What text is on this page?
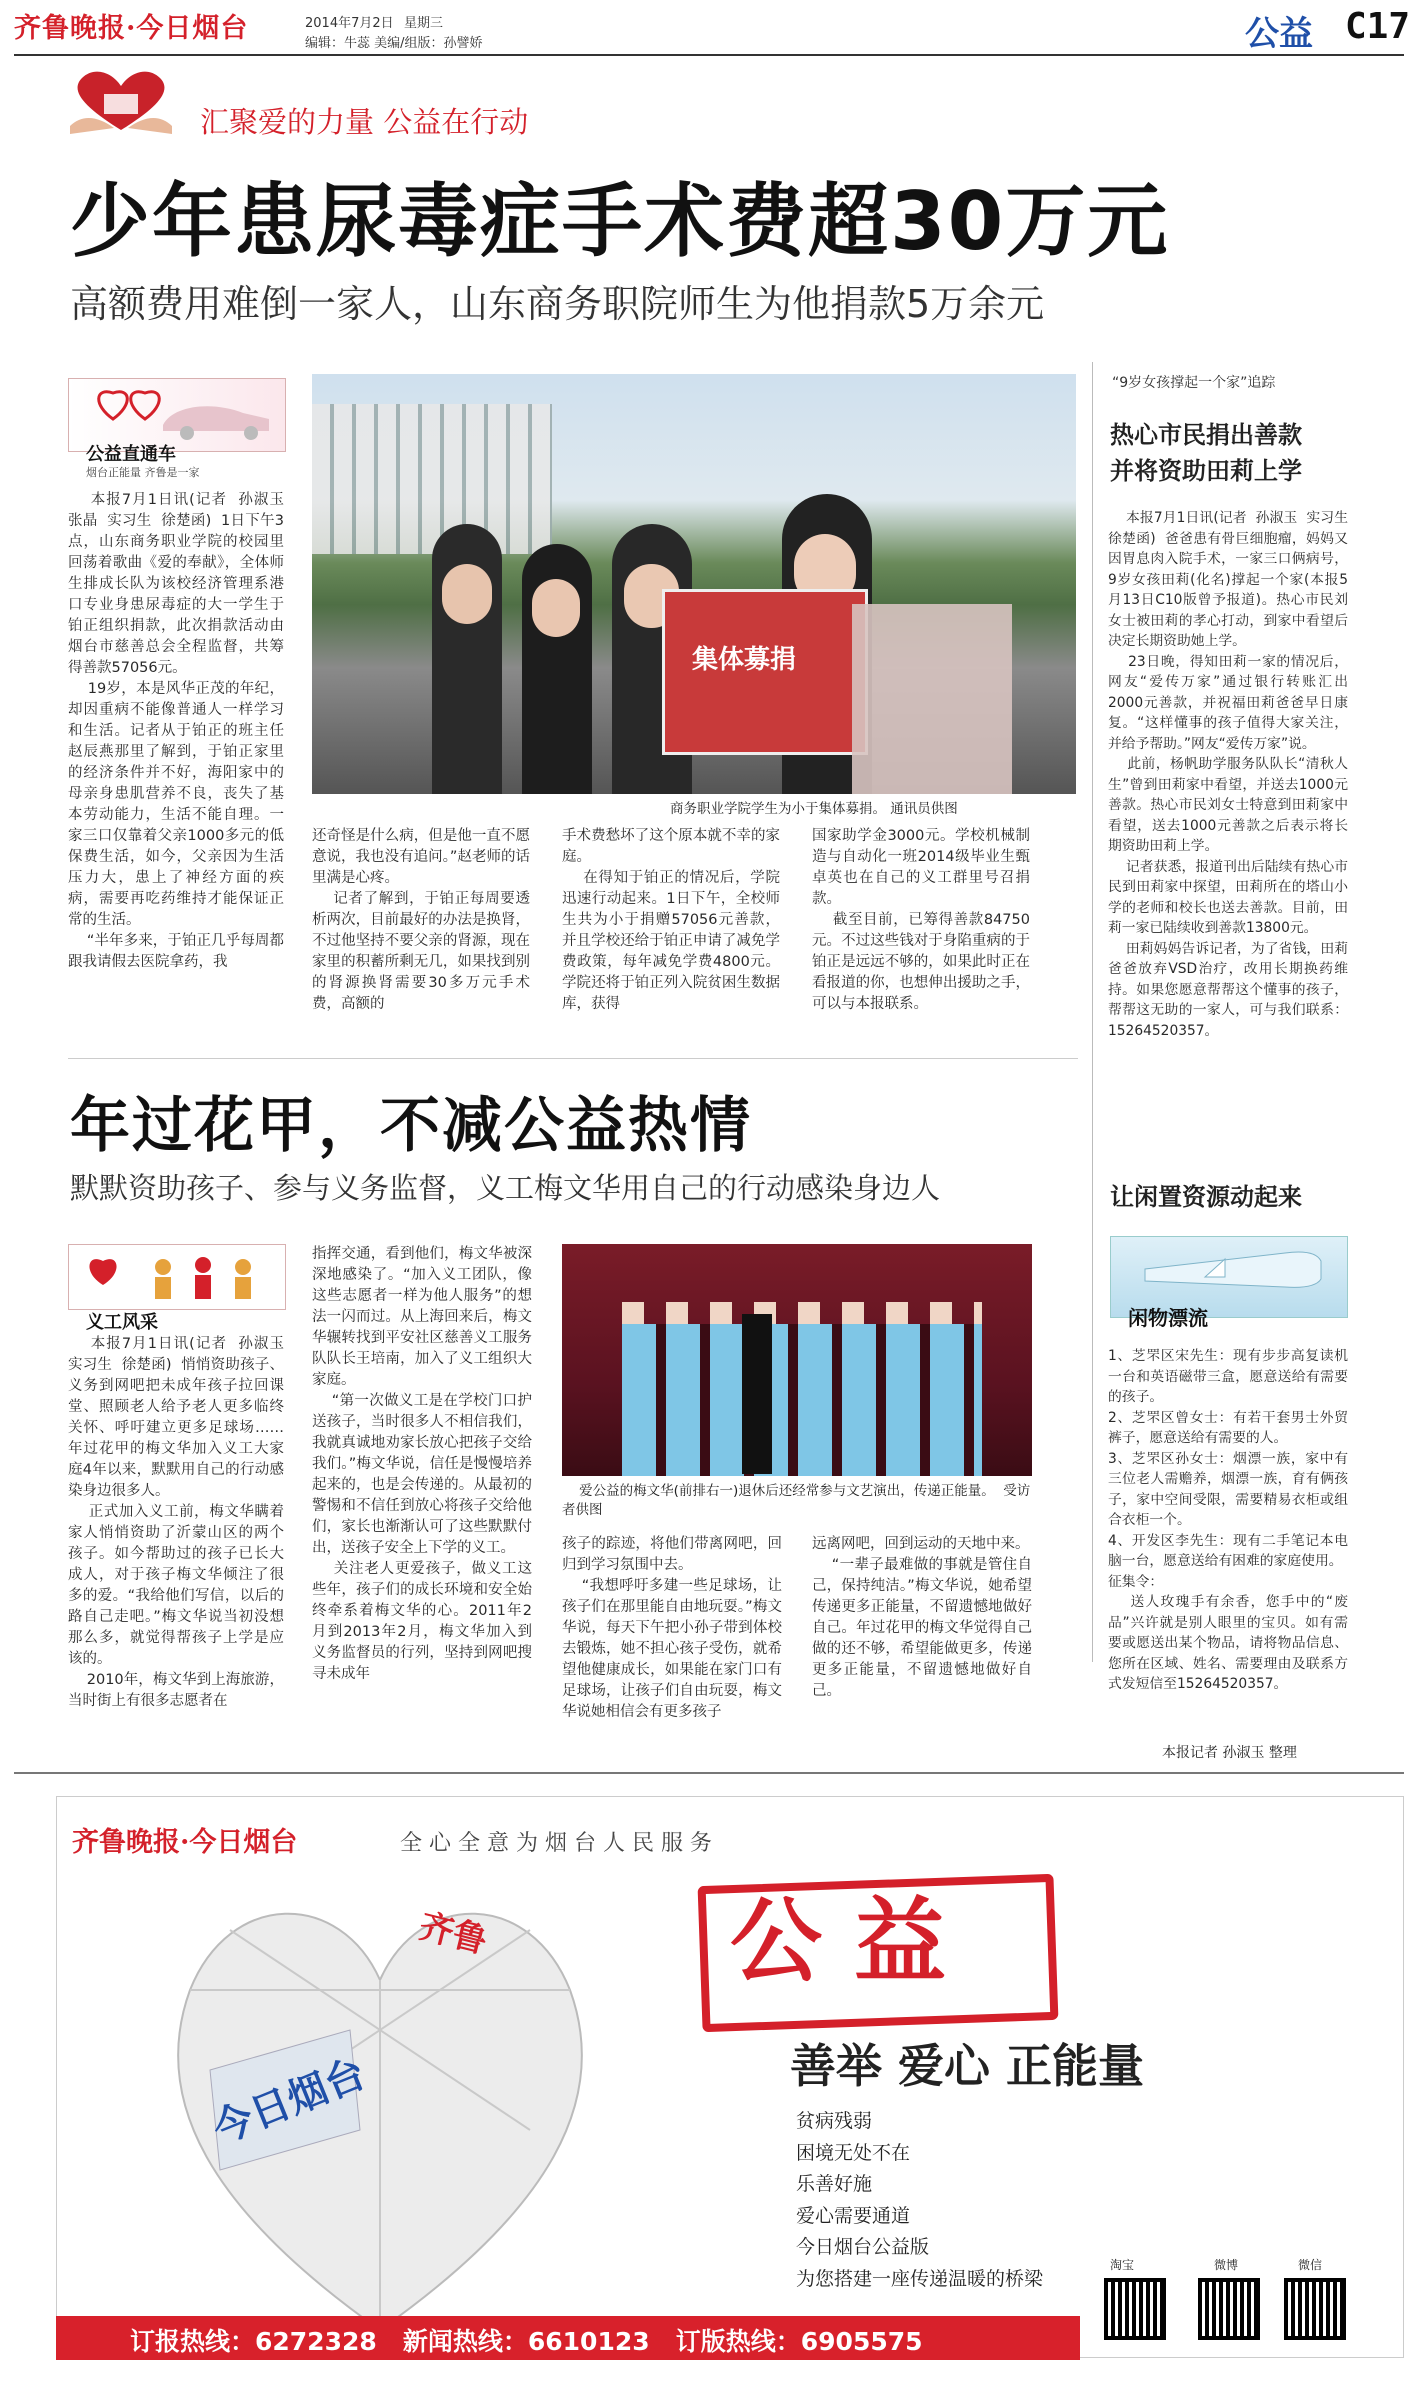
齐鲁晚报·今日烟台	2014年7月2日 星期三
编辑：牛蕊 美编/组版：孙譬娇	公益 C17
汇聚爱的力量 公益在行动
少年患尿毒症手术费超30万元
高额费用难倒一家人，山东商务职院师生为他捐款5万余元
公益直通车
烟台正能量 齐鲁是一家
本报7月1日讯(记者  孙淑玉  张晶  实习生  徐楚函)  1日下午3点，山东商务职业学院的校园里回荡着歌曲《爱的奉献》，全体师生排成长队为该校经济管理系港口专业身患尿毒症的大一学生于铂正组织捐款，此次捐款活动由烟台市慈善总会全程监督，共筹得善款57056元。
19岁，本是风华正茂的年纪，却因重病不能像普通人一样学习和生活。记者从于铂正的班主任赵辰燕那里了解到，于铂正家里的经济条件并不好，海阳家中的母亲身患肌营养不良，丧失了基本劳动能力，生活不能自理。一家三口仅靠着父亲1000多元的低保费生活，如今，父亲因为生活压力大，患上了神经方面的疾病，需要再吃药维持才能保证正常的生活。
“半年多来，于铂正几乎每周都跟我请假去医院拿药，我
集体募捐
商务职业学院学生为小于集体募捐。 通讯员供图
还奇怪是什么病，但是他一直不愿意说，我也没有追问。”赵老师的话里满是心疼。
记者了解到，于铂正每周要透析两次，目前最好的办法是换肾，不过他坚持不要父亲的肾源，现在家里的积蓄所剩无几，如果找到别的肾源换肾需要30多万元手术费，高额的
手术费愁坏了这个原本就不幸的家庭。
在得知于铂正的情况后，学院迅速行动起来。1日下午，全校师生共为小于捐赠57056元善款，并且学校还给于铂正申请了减免学费政策，每年减免学费4800元。学院还将于铂正列入院贫困生数据库，获得
国家助学金3000元。学校机械制造与自动化一班2014级毕业生甄卓英也在自己的义工群里号召捐款。
截至目前，已筹得善款84750元。不过这些钱对于身陷重病的于铂正是远远不够的，如果此时正在看报道的你，也想伸出援助之手，可以与本报联系。
“9岁女孩撑起一个家”追踪
热心市民捐出善款
并将资助田莉上学
本报7月1日讯(记者  孙淑玉  实习生  徐楚函)  爸爸患有骨巨细胞瘤，妈妈又因胃息肉入院手术，一家三口俩病号，9岁女孩田莉(化名)撑起一个家(本报5月13日C10版曾予报道)。热心市民刘女士被田莉的孝心打动，到家中看望后决定长期资助她上学。
23日晚，得知田莉一家的情况后，网友“爱传万家”通过银行转账汇出2000元善款，并祝福田莉爸爸早日康复。“这样懂事的孩子值得大家关注，并给予帮助。”网友“爱传万家”说。
此前，杨帆助学服务队队长“清秋人生”曾到田莉家中看望，并送去1000元善款。热心市民刘女士特意到田莉家中看望，送去1000元善款之后表示将长期资助田莉上学。
记者获悉，报道刊出后陆续有热心市民到田莉家中探望，田莉所在的塔山小学的老师和校长也送去善款。目前，田莉一家已陆续收到善款13800元。
田莉妈妈告诉记者，为了省钱，田莉爸爸放弃VSD治疗，改用长期换药维持。如果您愿意帮帮这个懂事的孩子，帮帮这无助的一家人，可与我们联系：15264520357。
年过花甲，不减公益热情
默默资助孩子、参与义务监督，义工梅文华用自己的行动感染身边人
义工风采
本报7月1日讯(记者  孙淑玉  实习生  徐楚函)  悄悄资助孩子、义务到网吧把未成年孩子拉回课堂、照顾老人给予老人更多临终关怀、呼吁建立更多足球场……年过花甲的梅文华加入义工大家庭4年以来，默默用自己的行动感染身边很多人。
正式加入义工前，梅文华瞒着家人悄悄资助了沂蒙山区的两个孩子。如今帮助过的孩子已长大成人，对于孩子梅文华倾注了很多的爱。“我给他们写信，以后的路自己走吧。”梅文华说当初没想那么多，就觉得帮孩子上学是应该的。
2010年，梅文华到上海旅游，当时街上有很多志愿者在
指挥交通，看到他们，梅文华被深深地感染了。“加入义工团队，像这些志愿者一样为他人服务”的想法一闪而过。从上海回来后，梅文华辗转找到平安社区慈善义工服务队队长王培南，加入了义工组织大家庭。
“第一次做义工是在学校门口护送孩子，当时很多人不相信我们，我就真诚地劝家长放心把孩子交给我们。”梅文华说，信任是慢慢培养起来的，也是会传递的。从最初的警惕和不信任到放心将孩子交给他们，家长也渐渐认可了这些默默付出，送孩子安全上下学的义工。
关注老人更爱孩子，做义工这些年，孩子们的成长环境和安全始终牵系着梅文华的心。2011年2月到2013年2月，梅文华加入到义务监督员的行列，坚持到网吧搜寻未成年
爱公益的梅文华(前排右一)退休后还经常参与文艺演出，传递正能量。  受访者供图
孩子的踪迹，将他们带离网吧，回归到学习氛围中去。
“我想呼吁多建一些足球场，让孩子们在那里能自由地玩耍。”梅文华说，每天下午把小孙子带到体校去锻炼，她不担心孩子受伤，就希望他健康成长，如果能在家门口有足球场，让孩子们自由玩耍，梅文华说她相信会有更多孩子
远离网吧，回到运动的天地中来。
“一辈子最难做的事就是管住自己，保持纯洁。”梅文华说，她希望传递更多正能量，不留遗憾地做好自己。年过花甲的梅文华觉得自己做的还不够，希望能做更多，传递更多正能量，不留遗憾地做好自己。
让闲置资源动起来
闲物漂流
1、芝罘区宋先生：现有步步高复读机一台和英语磁带三盒，愿意送给有需要的孩子。
2、芝罘区曾女士：有若干套男士外贸裤子，愿意送给有需要的人。
3、芝罘区孙女士：烟漂一族，家中有三位老人需赡养，烟漂一族，育有俩孩子，家中空间受限，需要精易衣柜或组合衣柜一个。
4、开发区李先生：现有二手笔记本电脑一台，愿意送给有困难的家庭使用。
征集令：
送人玫瑰手有余香，您手中的“废品”兴许就是别人眼里的宝贝。如有需要或愿送出某个物品，请将物品信息、您所在区域、姓名、需要理由及联系方式发短信至15264520357。
本报记者 孙淑玉 整理
齐鲁晚报·今日烟台	全 心 全 意 为 烟 台 人 民 服 务
今日烟台
齐鲁	公 益
善举 爱心 正能量
贫病残弱
困境无处不在
乐善好施
爱心需要通道
今日烟台公益版
为您搭建一座传递温暖的桥梁
淘宝	微博	微信
订报热线：6272328   新闻热线：6610123   订版热线：6905575
